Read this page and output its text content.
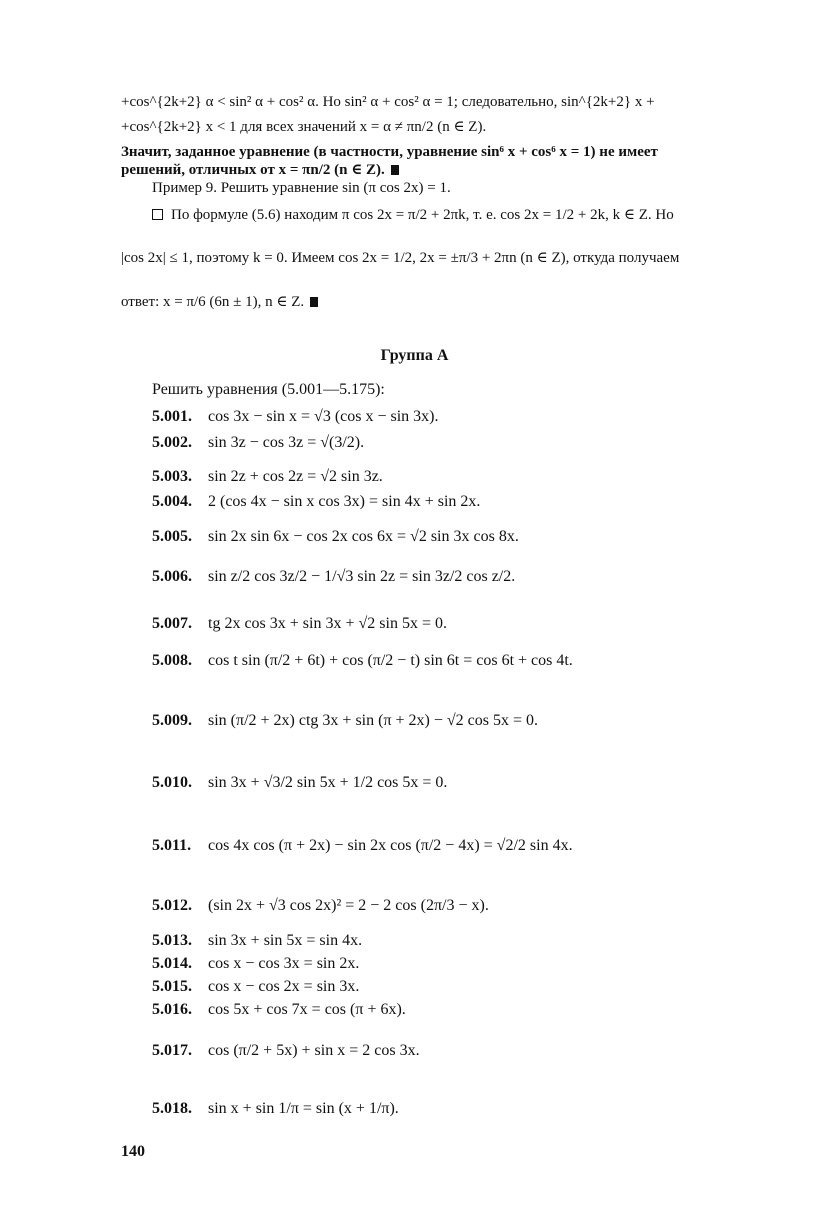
+cos^{2k+2} α < sin² α + cos² α. Но sin² α + cos² α = 1; следовательно, sin^{2k+2} x +
+cos^{2k+2} x < 1 для всех значений x = α ≠ πn/2 (n ∈ Z).
Значит, заданное уравнение (в частности, уравнение sin⁶ x + cos⁶ x = 1) не имеет
решений, отличных от x = πn/2 (n ∈ Z).
Пример 9. Решить уравнение sin (π cos 2x) = 1.
По формуле (5.6) находим π cos 2x = π/2 + 2πk, т. е. cos 2x = 1/2 + 2k, k ∈ Z. Но
|cos 2x| ≤ 1, поэтому k = 0. Имеем cos 2x = 1/2, 2x = ±π/3 + 2πn (n ∈ Z), откуда получаем
ответ: x = π/6 (6n ± 1), n ∈ Z.
Группа А
Решить уравнения (5.001—5.175):
5.001. cos 3x − sin x = √3 (cos x − sin 3x).
5.002. sin 3z − cos 3z = √(3/2).
5.003. sin 2z + cos 2z = √2 sin 3z.
5.004. 2 (cos 4x − sin x cos 3x) = sin 4x + sin 2x.
5.005. sin 2x sin 6x − cos 2x cos 6x = √2 sin 3x cos 8x.
5.006. sin z/2 cos 3z/2 − 1/√3 sin 2z = sin 3z/2 cos z/2.
5.007. tg 2x cos 3x + sin 3x + √2 sin 5x = 0.
5.008. cos t sin (π/2 + 6t) + cos (π/2 − t) sin 6t = cos 6t + cos 4t.
5.009. sin (π/2 + 2x) ctg 3x + sin (π + 2x) − √2 cos 5x = 0.
5.010. sin 3x + √3/2 sin 5x + 1/2 cos 5x = 0.
5.011. cos 4x cos (π + 2x) − sin 2x cos (π/2 − 4x) = √2/2 sin 4x.
5.012. (sin 2x + √3 cos 2x)² = 2 − 2 cos (2π/3 − x).
5.013. sin 3x + sin 5x = sin 4x.
5.014. cos x − cos 3x = sin 2x.
5.015. cos x − cos 2x = sin 3x.
5.016. cos 5x + cos 7x = cos (π + 6x).
5.017. cos (π/2 + 5x) + sin x = 2 cos 3x.
5.018. sin x + sin 1/π = sin (x + 1/π).
140
